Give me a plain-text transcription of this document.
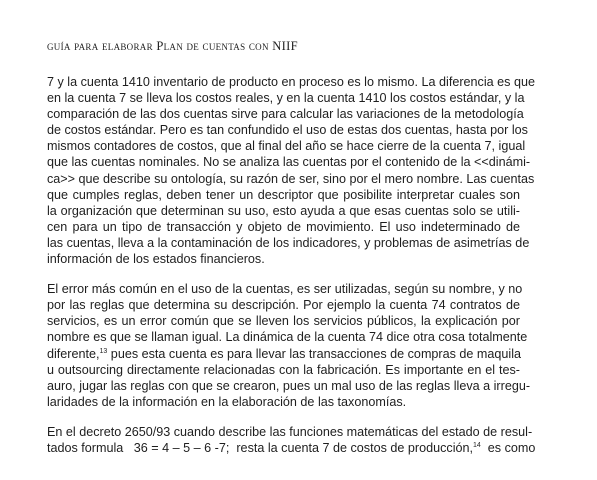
guía para elaborar Plan de cuentas con NIIF
7 y la cuenta 1410 inventario de producto en proceso es lo mismo. La diferencia es que
en la cuenta 7 se lleva los costos reales, y en la cuenta 1410 los costos estándar, y la
comparación de las dos cuentas sirve para calcular las variaciones de la metodología
de costos estándar. Pero es tan confundido el uso de estas dos cuentas, hasta por los
mismos contadores de costos, que al final del año se hace cierre de la cuenta 7, igual
que las cuentas nominales. No se analiza las cuentas por el contenido de la <<dinámi-
ca>> que describe su ontología, su razón de ser, sino por el mero nombre. Las cuentas
que cumples reglas, deben tener un descriptor que posibilite interpretar cuales son
la organización que determinan su uso, esto ayuda a que esas cuentas solo se utili-
cen para un tipo de transacción y objeto de movimiento. El uso indeterminado de
las cuentas, lleva a la contaminación de los indicadores, y problemas de asimetrías de
información de los estados financieros.
El error más común en el uso de la cuentas, es ser utilizadas, según su nombre, y no
por las reglas que determina su descripción. Por ejemplo la cuenta 74 contratos de
servicios, es un error común que se lleven los servicios públicos, la explicación por
nombre es que se llaman igual. La dinámica de la cuenta 74 dice otra cosa totalmente
diferente,$^{13}$ pues esta cuenta es para llevar las transacciones de compras de maquila
u outsourcing directamente relacionadas con la fabricación. Es importante en el tes-
auro, jugar las reglas con que se crearon, pues un mal uso de las reglas lleva a irregu-
laridades de la información en la elaboración de las taxonomías.
En el decreto 2650/93 cuando describe las funciones matemáticas del estado de resul-
tados formula   36 = 4 – 5 – 6 -7;  resta la cuenta 7 de costos de producción,$^{14}$  es como
